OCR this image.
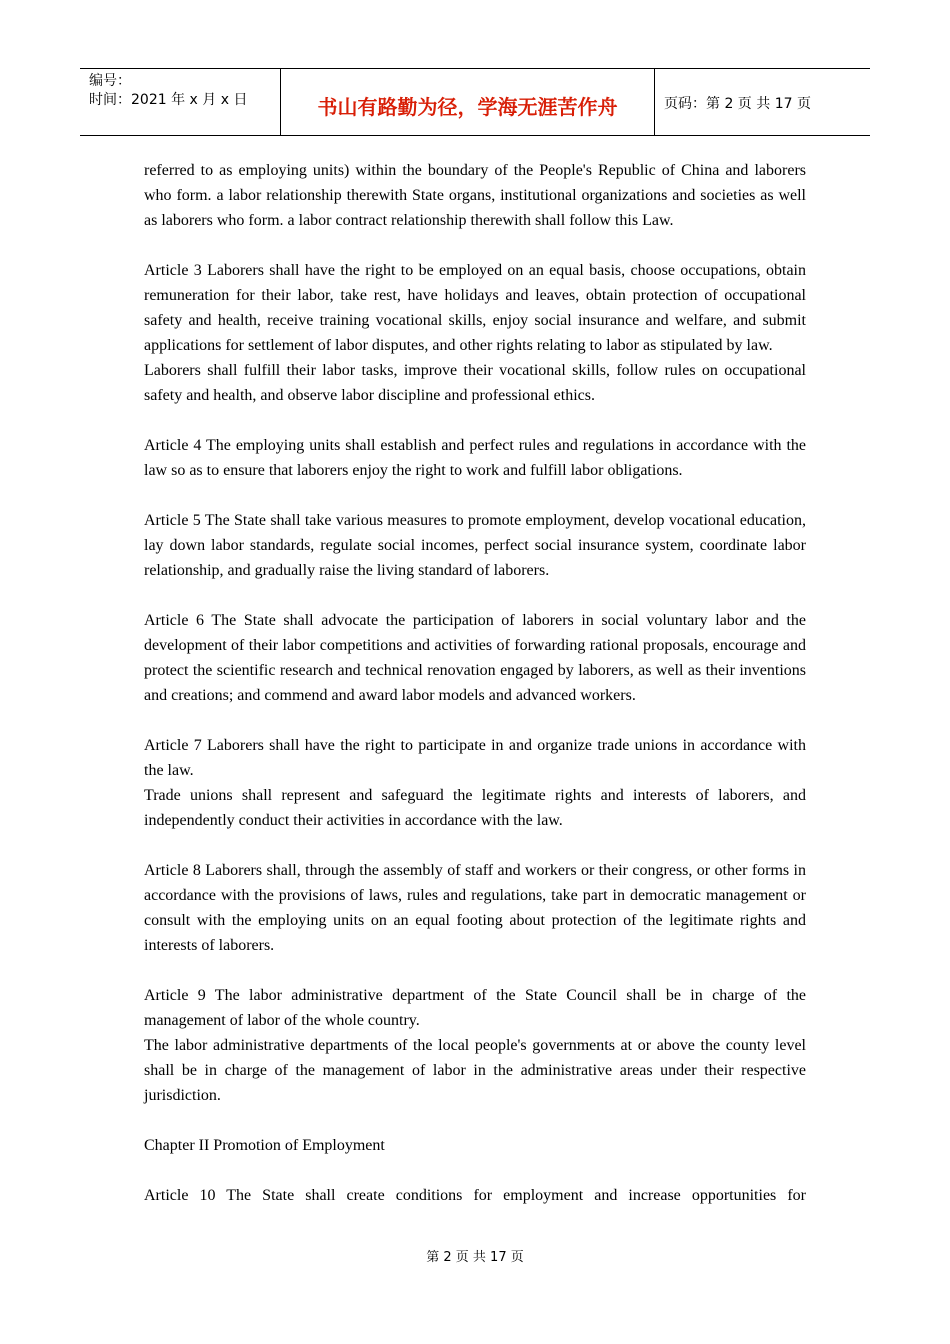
编号：
时间：2021 年 x 月 x 日	书山有路勤为径，学海无涯苦作舟	页码：第 2 页 共 17 页

referred to as employing units) within the boundary of the People's Republic of China and laborers who form. a labor relationship therewith State organs, institutional organizations and societies as well as laborers who form. a labor contract relationship therewith shall follow this Law.

Article 3 Laborers shall have the right to be employed on an equal basis, choose occupations, obtain remuneration for their labor, take rest, have holidays and leaves, obtain protection of occupational safety and health, receive training vocational skills, enjoy social insurance and welfare, and submit applications for settlement of labor disputes, and other rights relating to labor as stipulated by law.

Laborers shall fulfill their labor tasks, improve their vocational skills, follow rules on occupational safety and health, and observe labor discipline and professional ethics.

Article 4 The employing units shall establish and perfect rules and regulations in accordance with the law so as to ensure that laborers enjoy the right to work and fulfill labor obligations.

Article 5 The State shall take various measures to promote employment, develop vocational education, lay down labor standards, regulate social incomes, perfect social insurance system, coordinate labor relationship, and gradually raise the living standard of laborers.

Article 6 The State shall advocate the participation of laborers in social voluntary labor and the development of their labor competitions and activities of forwarding rational proposals, encourage and protect the scientific research and technical renovation engaged by laborers, as well as their inventions and creations; and commend and award labor models and advanced workers.

Article 7 Laborers shall have the right to participate in and organize trade unions in accordance with the law.

Trade unions shall represent and safeguard the legitimate rights and interests of laborers, and independently conduct their activities in accordance with the law.

Article 8 Laborers shall, through the assembly of staff and workers or their congress, or other forms in accordance with the provisions of laws, rules and regulations, take part in democratic management or consult with the employing units on an equal footing about protection of the legitimate rights and interests of laborers.

Article 9 The labor administrative department of the State Council shall be in charge of the management of labor of the whole country.

The labor administrative departments of the local people's governments at or above the county level shall be in charge of the management of labor in the administrative areas under their respective jurisdiction.

Chapter II Promotion of Employment

Article 10 The State shall create conditions for employment and increase opportunities for

第 2 页 共 17 页
